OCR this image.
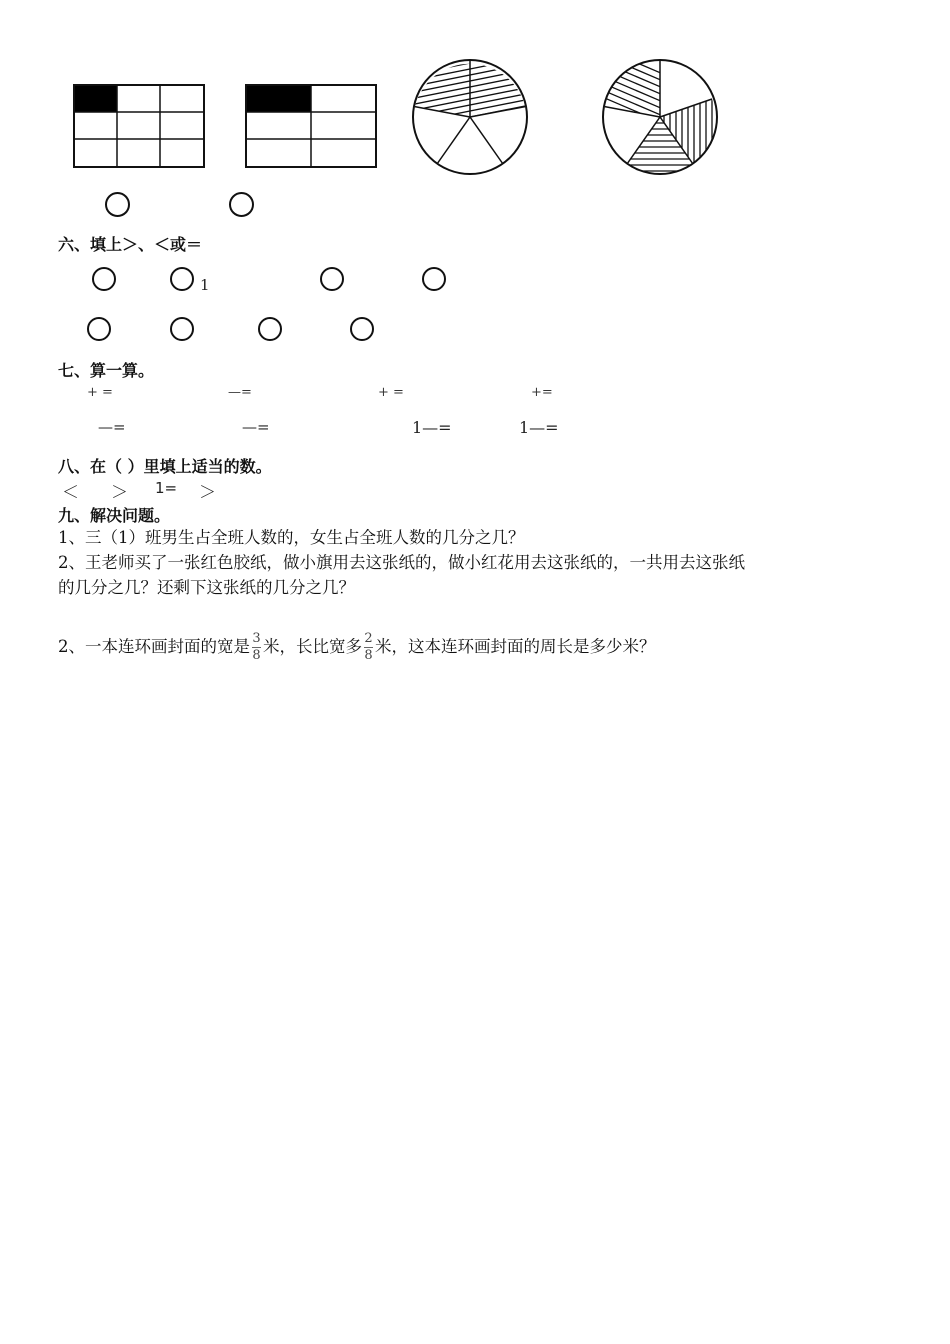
六、填上＞、＜或＝
1
七、算一算。
+ =	—=	+ =	+=
—=	—=	1—=	1—=
八、在（ ）里填上适当的数。
＜ ＞ 1= ＞
九、解决问题。
1、三（1）班男生占全班人数的，女生占全班人数的几分之几？
2、王老师买了一张红色胶纸，做小旗用去这张纸的，做小红花用去这张纸的，一共用去这张纸
的几分之几？还剩下这张纸的几分之几？
2、一本连环画封面的宽是 $\frac{3}{8}$ 米，长比宽多 $\frac{2}{8}$ 米，这本连环画封面的周长是多少米？
